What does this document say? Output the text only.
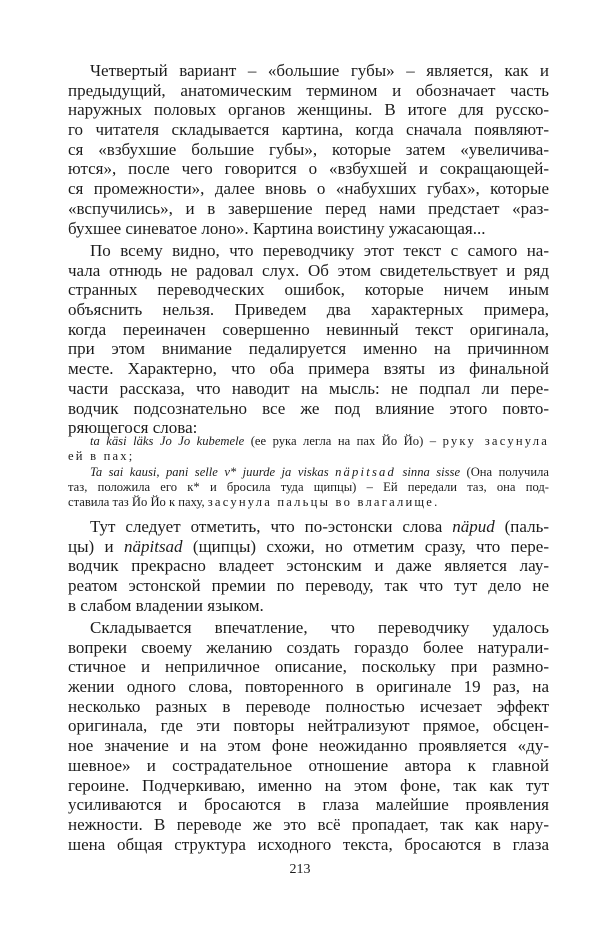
Четвертый вариант – «большие губы» – является, как и
предыдущий, анатомическим термином и обозначает часть
наружных половых органов женщины. В итоге для русско-
го читателя складывается картина, когда сначала появляют-
ся «взбухшие большие губы», которые затем «увеличива-
ются», после чего говорится о «взбухшей и сокращающей-
ся промежности», далее вновь о «набухших губах», которые
«вспучились», и в завершение перед нами предстает «раз-
бухшее синеватое лоно». Картина воистину ужасающая...
По всему видно, что переводчику этот текст с самого на-
чала отнюдь не радовал слух. Об этом свидетельствует и ряд
странных переводческих ошибок, которые ничем иным
объяснить нельзя. Приведем два характерных примера,
когда переиначен совершенно невинный текст оригинала,
при этом внимание педалируется именно на причинном
месте. Характерно, что оба примера взяты из финальной
части рассказа, что наводит на мысль: не подпал ли пере-
водчик подсознательно все же под влияние этого повто-
ряющегося слова:
ta käsi läks Jo Jo kubemele (ее рука легла на пах Йо Йо) – руку засунула
ей в пах;
Ta sai kausi, pani selle v* juurde ja viskas näpitsad sinna sisse (Она получила
таз, положила его к* и бросила туда щипцы) – Ей передали таз, она под-
ставила таз Йо Йо к паху, засунула пальцы во влагалище.
Тут следует отметить, что по-эстонски слова näpud (паль-
цы) и näpitsad (щипцы) схожи, но отметим сразу, что пере-
водчик прекрасно владеет эстонским и даже является лау-
реатом эстонской премии по переводу, так что тут дело не
в слабом владении языком.
Складывается впечатление, что переводчику удалось
вопреки своему желанию создать гораздо более натурали-
стичное и неприличное описание, поскольку при размно-
жении одного слова, повторенного в оригинале 19 раз, на
несколько разных в переводе полностью исчезает эффект
оригинала, где эти повторы нейтрализуют прямое, обсцен-
ное значение и на этом фоне неожиданно проявляется «ду-
шевное» и сострадательное отношение автора к главной
героине. Подчеркиваю, именно на этом фоне, так как тут
усиливаются и бросаются в глаза малейшие проявления
нежности. В переводе же это всё пропадает, так как нару-
шена общая структура исходного текста, бросаются в глаза
213
